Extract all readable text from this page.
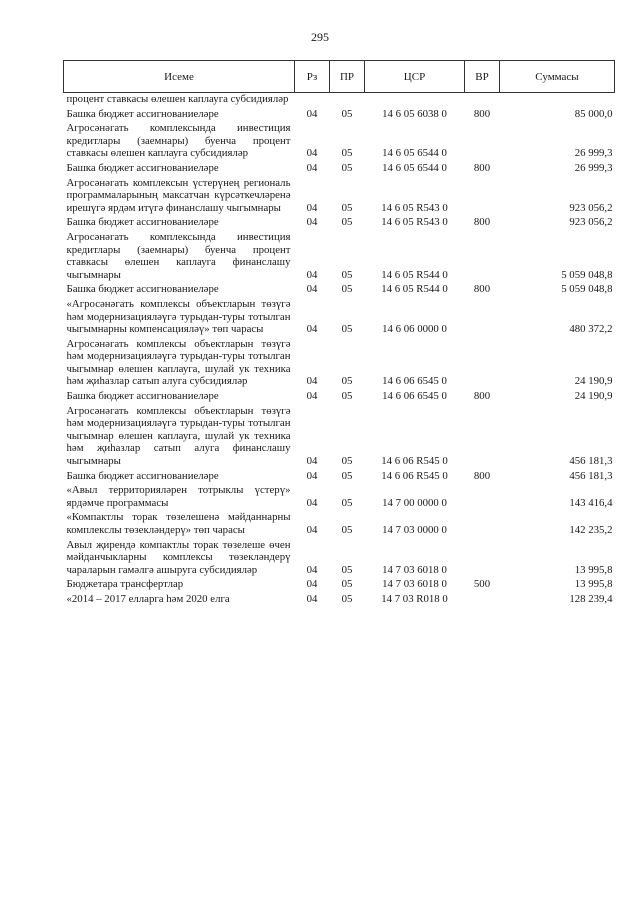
295
Исеме	Рз	ПР	ЦСР	ВР	Суммасы
процент ставкасы өлешен каплауга субсидияләр					
Башка бюджет ассигнованиеләре	04	05	14 6 05 6038 0	800	85 000,0
Агросәнәгать комплексында инвестиция кредитлары (заемнары) буенча процент ставкасы өлешен каплауга субсидияләр	04	05	14 6 05 6544 0		26 999,3
Башка бюджет ассигнованиеләре	04	05	14 6 05 6544 0	800	26 999,3
Агросәнәгать комплексын үстерүнең региональ программаларының максатчан күрсәткечләренә ирешүгә ярдәм итүгә финанслашу чыгымнары	04	05	14 6 05 R543 0		923 056,2
Башка бюджет ассигнованиеләре	04	05	14 6 05 R543 0	800	923 056,2
Агросәнәгать комплексында инвестиция кредитлары (заемнары) буенча процент ставкасы өлешен каплауга финанслашу чыгымнары	04	05	14 6 05 R544 0		5 059 048,8
Башка бюджет ассигнованиеләре	04	05	14 6 05 R544 0	800	5 059 048,8
«Агросәнәгать комплексы объектларын төзүгә һәм модернизацияләүгә турыдан-туры тотылган чыгымнарны компенсацияләү» төп чарасы	04	05	14 6 06 0000 0		480 372,2
Агросәнәгать комплексы объектларын төзүгә һәм модернизацияләүгә турыдан-туры тотылган чыгымнар өлешен каплауга, шулай ук техника һәм җиһазлар сатып алуга субсидияләр	04	05	14 6 06 6545 0		24 190,9
Башка бюджет ассигнованиеләре	04	05	14 6 06 6545 0	800	24 190,9
Агросәнәгать комплексы объектларын төзүгә һәм модернизацияләүгә турыдан-туры тотылган чыгымнар өлешен каплауга, шулай ук техника һәм җиһазлар сатып алуга финанслашу чыгымнары	04	05	14 6 06 R545 0		456 181,3
Башка бюджет ассигнованиеләре	04	05	14 6 06 R545 0	800	456 181,3
«Авыл территорияләрен тотрыклы үстерү» ярдәмче программасы	04	05	14 7 00 0000 0		143 416,4
«Компактлы торак төзелешенә мәйданнарны комплекслы төзекләндерү» төп чарасы	04	05	14 7 03 0000 0		142 235,2
Авыл җирендә компактлы торак төзелеше өчен мәйданчыкларны комплексы төзекләндерү чараларын гамәлгә ашыруга субсидияләр	04	05	14 7 03 6018 0		13 995,8
Бюджетара трансфертлар	04	05	14 7 03 6018 0	500	13 995,8
«2014 – 2017 елларга һәм 2020 елга	04	05	14 7 03 R018 0		128 239,4
